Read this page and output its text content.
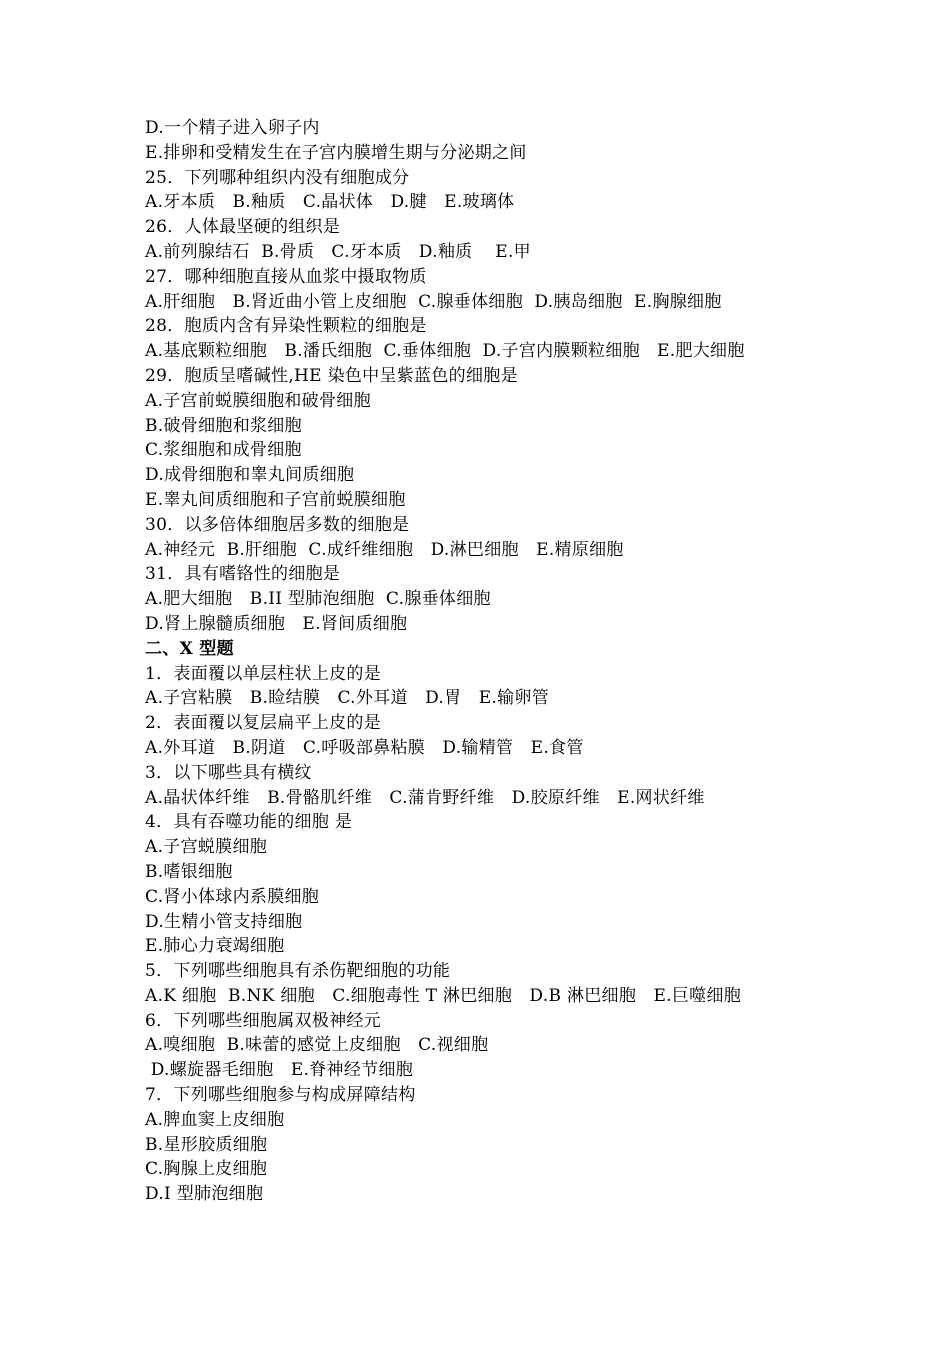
D.一个精子进入卵子内
E.排卵和受精发生在子宫内膜增生期与分泌期之间
25．下列哪种组织内没有细胞成分
A.牙本质　B.釉质　C.晶状体　D.腱　E.玻璃体
26．人体最坚硬的组织是
A.前列腺结石  B.骨质   C.牙本质   D.釉质    E.甲
27．哪种细胞直接从血浆中摄取物质
A.肝细胞　B.肾近曲小管上皮细胞  C.腺垂体细胞  D.胰岛细胞  E.胸腺细胞
28．胞质内含有异染性颗粒的细胞是
A.基底颗粒细胞　B.潘氏细胞  C.垂体细胞  D.子宫内膜颗粒细胞   E.肥大细胞
29．胞质呈嗜碱性,HE 染色中呈紫蓝色的细胞是
A.子宫前蜕膜细胞和破骨细胞
B.破骨细胞和浆细胞
C.浆细胞和成骨细胞
D.成骨细胞和睾丸间质细胞
E.睾丸间质细胞和子宫前蜕膜细胞
30．以多倍体细胞居多数的细胞是
A.神经元  B.肝细胞  C.成纤维细胞　D.淋巴细胞　E.精原细胞
31．具有嗜铬性的细胞是
A.肥大细胞　B.II 型肺泡细胞  C.腺垂体细胞
D.肾上腺髓质细胞　E.肾间质细胞
二、X 型题
1．表面覆以单层柱状上皮的是
A.子宫粘膜　B.睑结膜　C.外耳道　D.胃　E.输卵管
2．表面覆以复层扁平上皮的是
A.外耳道　B.阴道　C.呼吸部鼻粘膜　D.输精管　E.食管
3．以下哪些具有横纹
A.晶状体纤维　B.骨骼肌纤维　C.蒲肯野纤维　D.胶原纤维　E.网状纤维
4．具有吞噬功能的细胞 是
A.子宫蜕膜细胞
B.嗜银细胞
C.肾小体球内系膜细胞
D.生精小管支持细胞
E.肺心力衰竭细胞
5．下列哪些细胞具有杀伤靶细胞的功能
A.K 细胞  B.NK 细胞　C.细胞毒性 T 淋巴细胞　D.B 淋巴细胞　E.巨噬细胞
6．下列哪些细胞属双极神经元
A.嗅细胞  B.味蕾的感觉上皮细胞　C.视细胞
D.螺旋器毛细胞　E.脊神经节细胞
7．下列哪些细胞参与构成屏障结构
A.脾血窦上皮细胞
B.星形胶质细胞
C.胸腺上皮细胞
D.I 型肺泡细胞
